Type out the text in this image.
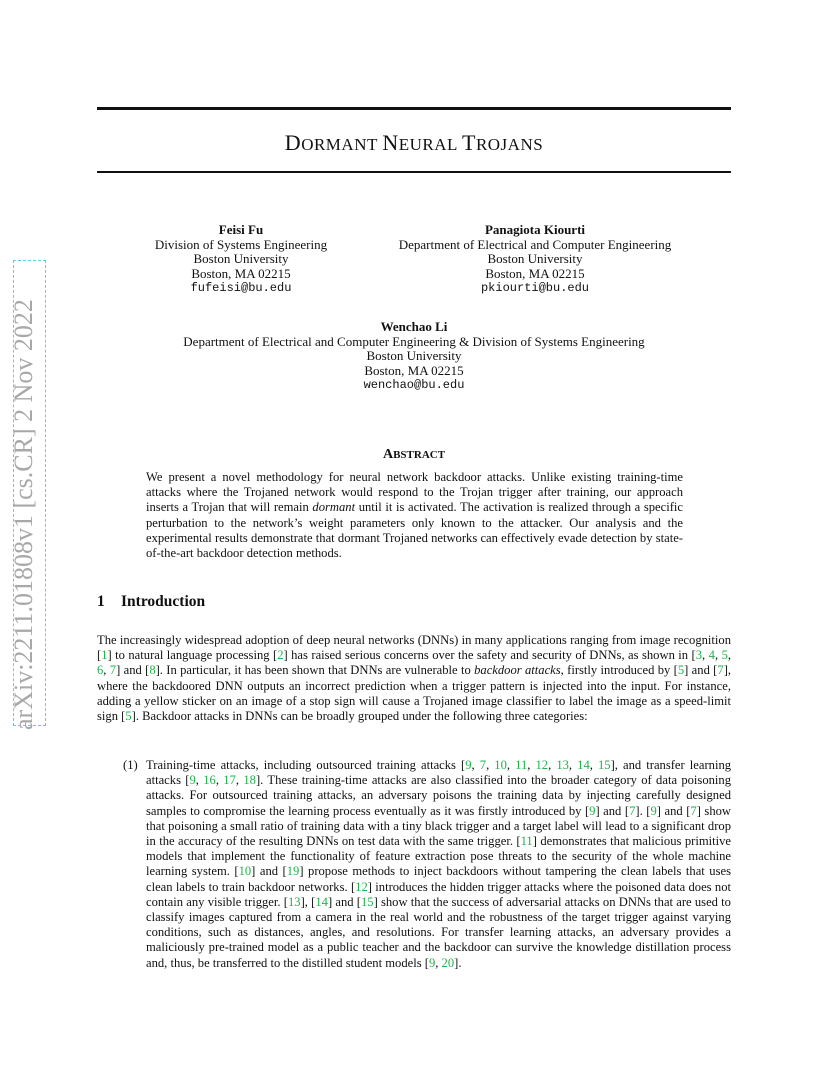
arXiv:2211.01808v1 [cs.CR] 2 Nov 2022
DORMANT NEURAL TROJANS
Feisi Fu
Division of Systems Engineering
Boston University
Boston, MA 02215
fufeisi@bu.edu
Panagiota Kiourti
Department of Electrical and Computer Engineering
Boston University
Boston, MA 02215
pkiourti@bu.edu
Wenchao Li
Department of Electrical and Computer Engineering & Division of Systems Engineering
Boston University
Boston, MA 02215
wenchao@bu.edu
ABSTRACT
We present a novel methodology for neural network backdoor attacks. Unlike existing training-time attacks where the Trojaned network would respond to the Trojan trigger after training, our approach inserts a Trojan that will remain dormant until it is activated. The activation is realized through a specific perturbation to the network’s weight parameters only known to the attacker. Our analysis and the experimental results demonstrate that dormant Trojaned networks can effectively evade detection by state-of-the-art backdoor detection methods.
1 Introduction
The increasingly widespread adoption of deep neural networks (DNNs) in many applications ranging from image recognition [1] to natural language processing [2] has raised serious concerns over the safety and security of DNNs, as shown in [3, 4, 5, 6, 7] and [8]. In particular, it has been shown that DNNs are vulnerable to backdoor attacks, firstly introduced by [5] and [7], where the backdoored DNN outputs an incorrect prediction when a trigger pattern is injected into the input. For instance, adding a yellow sticker on an image of a stop sign will cause a Trojaned image classifier to label the image as a speed-limit sign [5]. Backdoor attacks in DNNs can be broadly grouped under the following three categories:
(1) Training-time attacks, including outsourced training attacks [9, 7, 10, 11, 12, 13, 14, 15], and transfer learning attacks [9, 16, 17, 18]. These training-time attacks are also classified into the broader category of data poisoning attacks. For outsourced training attacks, an adversary poisons the training data by injecting carefully designed samples to compromise the learning process eventually as it was firstly introduced by [9] and [7]. [9] and [7] show that poisoning a small ratio of training data with a tiny black trigger and a target label will lead to a significant drop in the accuracy of the resulting DNNs on test data with the same trigger. [11] demonstrates that malicious primitive models that implement the functionality of feature extraction pose threats to the security of the whole machine learning system. [10] and [19] propose methods to inject backdoors without tampering the clean labels that uses clean labels to train backdoor networks. [12] introduces the hidden trigger attacks where the poisoned data does not contain any visible trigger. [13], [14] and [15] show that the success of adversarial attacks on DNNs that are used to classify images captured from a camera in the real world and the robustness of the target trigger against varying conditions, such as distances, angles, and resolutions. For transfer learning attacks, an adversary provides a maliciously pre-trained model as a public teacher and the backdoor can survive the knowledge distillation process and, thus, be transferred to the distilled student models [9, 20].
